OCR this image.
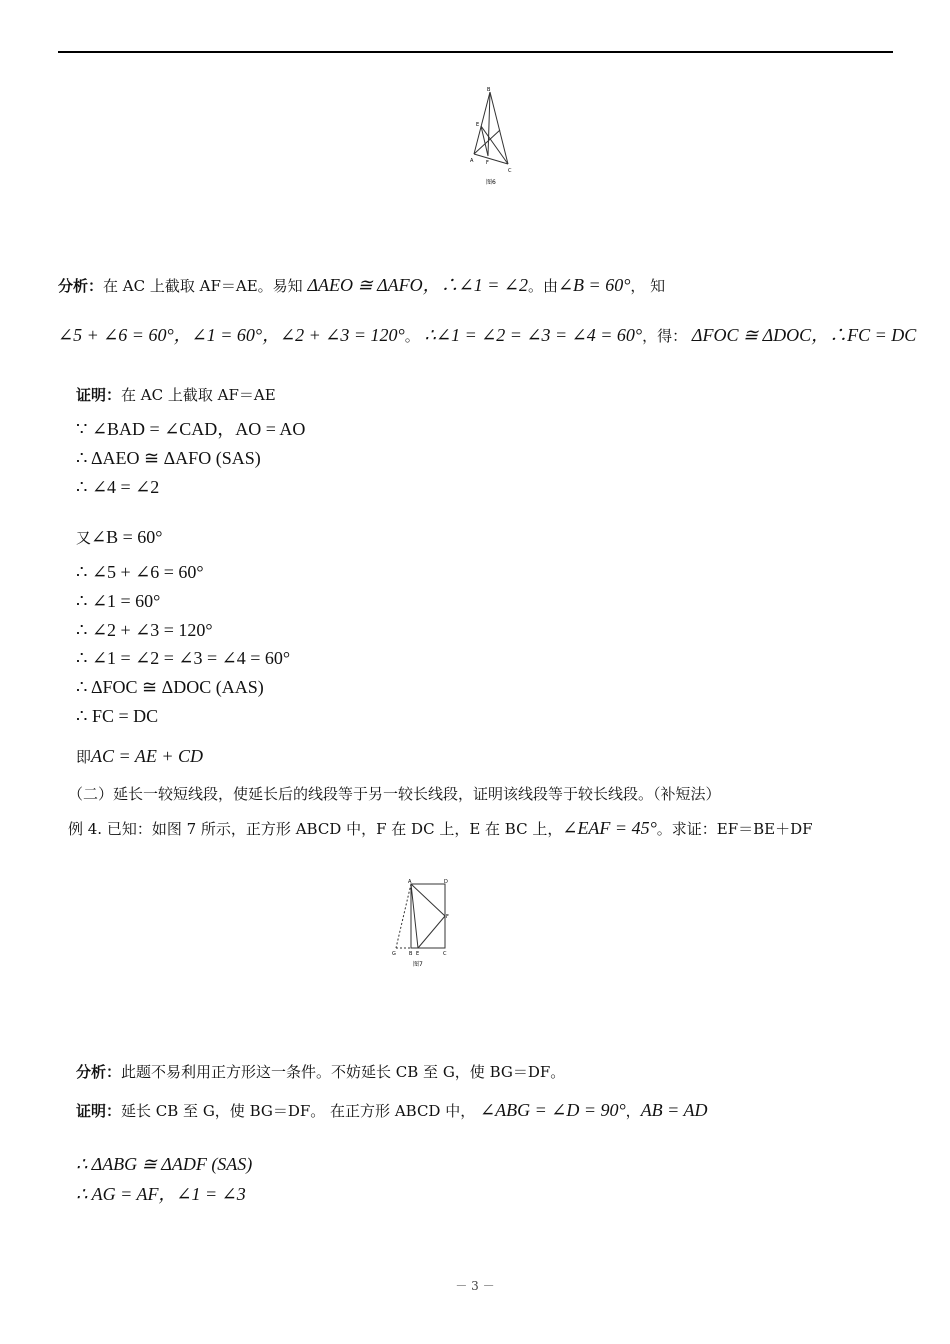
B
E
A	F
C
图6
分析：在 AC 上截取 AF＝AE。易知 ΔAEO ≅ ΔAFO，∴∠1 = ∠2。由∠B = 60°， 知
∠5 + ∠6 = 60°，∠1 = 60°，∠2 + ∠3 = 120°。 ∴∠1 = ∠2 = ∠3 = ∠4 = 60°，得： ΔFOC ≅ ΔDOC，∴FC = DC
证明：在 AC 上截取 AF＝AE
∵ ∠BAD = ∠CAD，AO = AO
∴ ΔAEO ≅ ΔAFO (SAS)
∴ ∠4 = ∠2
又∠B = 60°
∴ ∠5 + ∠6 = 60°
∴ ∠1 = 60°
∴ ∠2 + ∠3 = 120°
∴ ∠1 = ∠2 = ∠3 = ∠4 = 60°
∴ ΔFOC ≅ ΔDOC (AAS)
∴ FC = DC
即AC = AE + CD
（二）延长一较短线段，使延长后的线段等于另一较长线段，证明该线段等于较长线段。（补短法）
例 4. 已知：如图 7 所示，正方形 ABCD 中，F 在 DC 上，E 在 BC 上，∠EAF = 45°。求证：EF＝BE＋DF
A	D
F
G	B E	C
图7
分析：此题不易利用正方形这一条件。不妨延长 CB 至 G，使 BG＝DF。
证明：延长 CB 至 G，使 BG＝DF。 在正方形 ABCD 中， ∠ABG = ∠D = 90°，AB = AD
∴ ΔABG ≅ ΔADF (SAS)
∴ AG = AF，∠1 = ∠3
－ 3 －
